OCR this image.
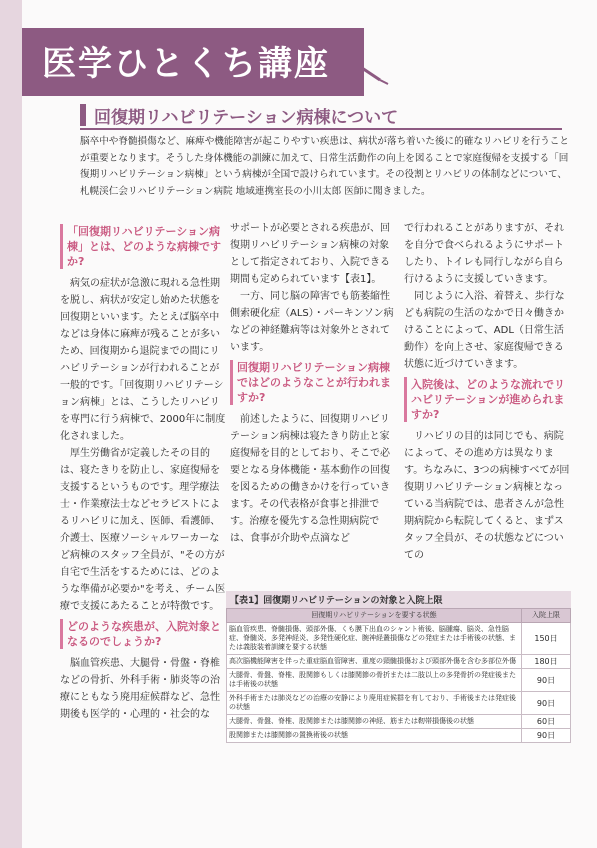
医学ひとくち講座
回復期リハビリテーション病棟について
脳卒中や脊髄損傷など、麻痺や機能障害が起こりやすい疾患は、病状が落ち着いた後に的確なリハビリを行うことが重要となります。そうした身体機能の訓練に加えて、日常生活動作の向上を図ることで家庭復帰を支援する「回復期リハビリテーション病棟」という病棟が全国で設けられています。その役割とリハビリの体制などについて、札幌渓仁会リハビリテーション病院 地域連携室長の小川太郎 医師に聞きました。
「回復期リハビリテーション病棟」とは、どのような病棟ですか?

病気の症状が急激に現れる急性期を脱し、病状が安定し始めた状態を回復期といいます。たとえば脳卒中などは身体に麻痺が残ることが多いため、回復期から退院までの間にリハビリテーションが行われることが一般的です。「回復期リハビリテーション病棟」とは、こうしたリハビリを専門に行う病棟で、2000年に制度化されました。

厚生労働省が定義したその目的は、寝たきりを防止し、家庭復帰を支援するというものです。理学療法士・作業療法士などセラピストによるリハビリに加え、医師、看護師、介護士、医療ソーシャルワーカーなど病棟のスタッフ全員が、"その方が自宅で生活をするためには、どのような準備が必要か"を考え、チーム医療で支援にあたることが特徴です。

どのような疾患が、入院対象となるのでしょうか?

脳血管疾患、大腿骨・骨盤・脊椎などの骨折、外科手術・肺炎等の治療にともなう廃用症候群など、急性期後も医学的・心理的・社会的な

サポートが必要とされる疾患が、回復期リハビリテーション病棟の対象として指定されており、入院できる期間も定められています【表1】。

一方、同じ脳の障害でも筋萎縮性側索硬化症（ALS）・パーキンソン病などの神経難病等は対象外とされています。

回復期リハビリテーション病棟ではどのようなことが行われますか?

前述したように、回復期リハビリテーション病棟は寝たきり防止と家庭復帰を目的としており、そこで必要となる身体機能・基本動作の回復を図るための働きかけを行っていきます。その代表格が食事と排泄です。治療を優先する急性期病院では、食事が介助や点滴など

で行われることがありますが、それを自分で食べられるようにサポートしたり、トイレも同行しながら自ら行けるように支援していきます。

同じように入浴、着替え、歩行なども病院の生活のなかで日々働きかけることによって、ADL（日常生活動作）を向上させ、家庭復帰できる状態に近づけていきます。

入院後は、どのような流れでリハビリテーションが進められますか?

リハビリの目的は同じでも、病院によって、その進め方は異なります。ちなみに、3つの病棟すべてが回復期リハビリテーション病棟となっている当病院では、患者さんが急性期病院から転院してくると、まずスタッフ全員が、その状態などについての

【表1】回復期リハビリテーションの対象と入院上限
回復期リハビリテーションを要する状態	入院上限
脳血管疾患、脊髄損傷、頭部外傷、くも膜下出血のシャント術後、脳腫瘍、脳炎、急性脳症、脊髄炎、多発神経炎、多発性硬化症、腕神経叢損傷などの発症または手術後の状態、または義肢装着訓練を要する状態	150日
高次脳機能障害を伴った重症脳血管障害、重度の頸髄損傷および頭部外傷を含む多部位外傷	180日
大腿骨、骨盤、脊椎、股関節もしくは膝関節の骨折または二肢以上の多発骨折の発症後または手術後の状態	90日
外科手術または肺炎などの治療の安静により廃用症候群を有しており、手術後または発症後の状態	90日
大腿骨、骨盤、脊椎、股関節または膝関節の神経、筋または靭帯損傷後の状態	60日
股関節または膝関節の置換術後の状態	90日
